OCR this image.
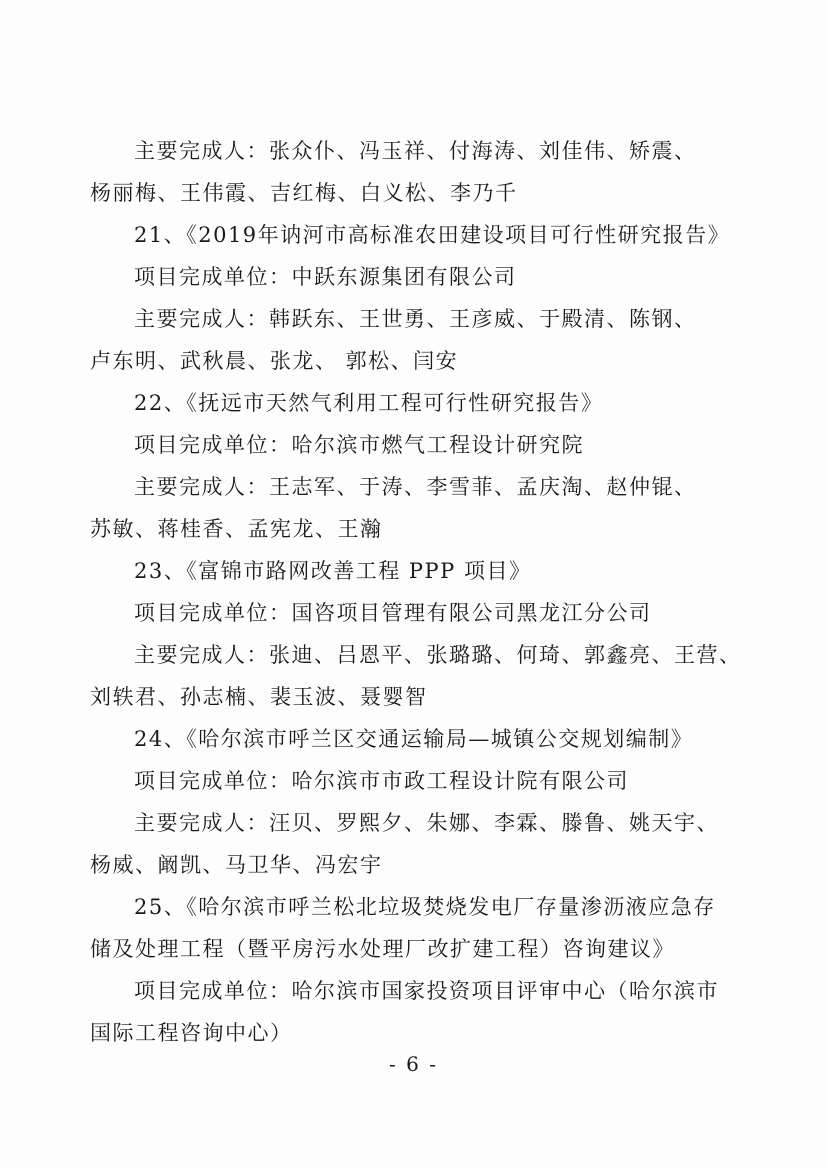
主要完成人：张众仆、冯玉祥、付海涛、刘佳伟、矫震、
杨丽梅、王伟霞、吉红梅、白义松、李乃千
21、《2019年讷河市高标准农田建设项目可行性研究报告》
项目完成单位：中跃东源集团有限公司
主要完成人：韩跃东、王世勇、王彦威、于殿清、陈钢、
卢东明、武秋晨、张龙、 郭松、闫安
22、《抚远市天然气利用工程可行性研究报告》
项目完成单位：哈尔滨市燃气工程设计研究院
主要完成人：王志军、于涛、李雪菲、孟庆淘、赵仲锟、
苏敏、蒋桂香、孟宪龙、王瀚
23、《富锦市路网改善工程 PPP 项目》
项目完成单位：国咨项目管理有限公司黑龙江分公司
主要完成人：张迪、吕恩平、张璐璐、何琦、郭鑫亮、王营、
刘轶君、孙志楠、裴玉波、聂婴智
24、《哈尔滨市呼兰区交通运输局—城镇公交规划编制》
项目完成单位：哈尔滨市市政工程设计院有限公司
主要完成人：汪贝、罗熙夕、朱娜、李霖、滕鲁、姚天宇、
杨威、阚凯、马卫华、冯宏宇
25、《哈尔滨市呼兰松北垃圾焚烧发电厂存量渗沥液应急存
储及处理工程（暨平房污水处理厂改扩建工程）咨询建议》
项目完成单位：哈尔滨市国家投资项目评审中心（哈尔滨市
国际工程咨询中心）
- 6 -
